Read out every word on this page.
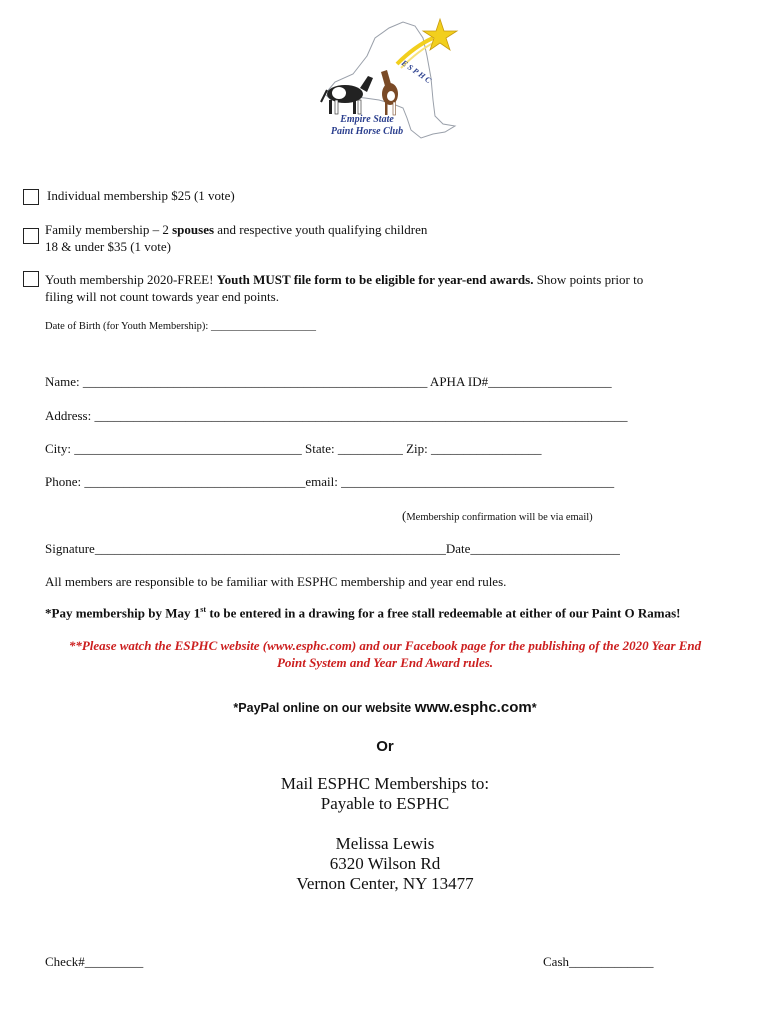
E S P H C
Empire State
Paint Horse Club
Individual membership $25 (1 vote)
Family membership – 2 spouses and respective youth qualifying children
18 & under $35 (1 vote)
Youth membership 2020-FREE! Youth MUST file form to be eligible for year-end awards. Show points prior to
filing will not count towards year end points.
Date of Birth (for Youth Membership): ____________________
Name: _____________________________________________________ APHA ID#___________________
Address: __________________________________________________________________________________
City: ___________________________________ State: __________ Zip: _________________
Phone: __________________________________email: __________________________________________
(Membership confirmation will be via email)
Signature______________________________________________________Date_______________________
All members are responsible to be familiar with ESPHC membership and year end rules.
*Pay membership by May 1st to be entered in a drawing for a free stall redeemable at either of our Paint O Ramas!
**Please watch the ESPHC website (www.esphc.com) and our Facebook page for the publishing of the 2020 Year End
Point System and Year End Award rules.
*PayPal online on our website www.esphc.com*
Or
Mail ESPHC Memberships to:
Payable to ESPHC
Melissa Lewis
6320 Wilson Rd
Vernon Center, NY 13477
Check#_________	Cash_____________
